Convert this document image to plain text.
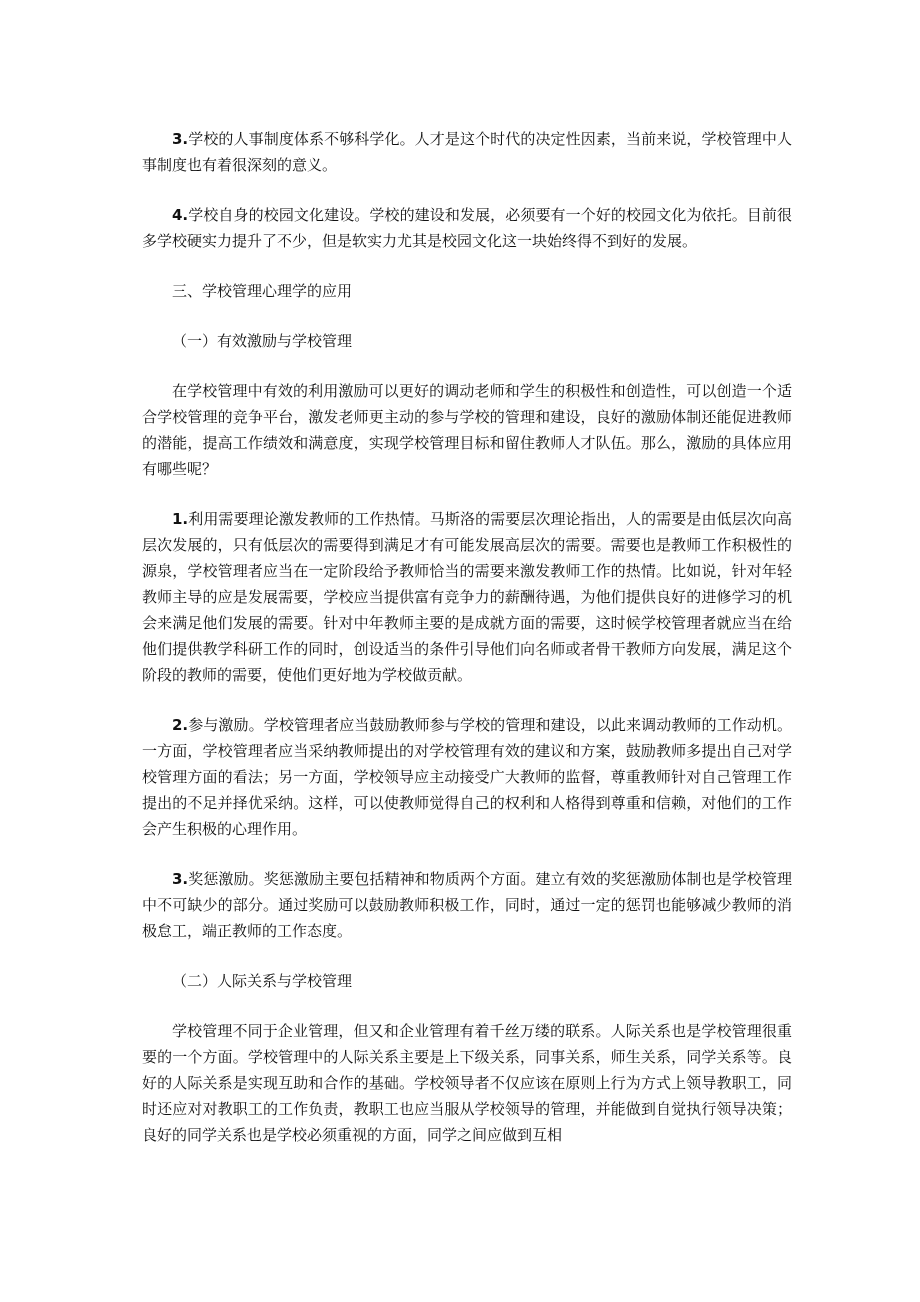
3.学校的人事制度体系不够科学化。人才是这个时代的决定性因素，当前来说，学校管理中人事制度也有着很深刻的意义。

4.学校自身的校园文化建设。学校的建设和发展，必须要有一个好的校园文化为依托。目前很多学校硬实力提升了不少，但是软实力尤其是校园文化这一块始终得不到好的发展。

三、学校管理心理学的应用

（一）有效激励与学校管理

在学校管理中有效的利用激励可以更好的调动老师和学生的积极性和创造性，可以创造一个适合学校管理的竞争平台，激发老师更主动的参与学校的管理和建设，良好的激励体制还能促进教师的潜能，提高工作绩效和满意度，实现学校管理目标和留住教师人才队伍。那么，激励的具体应用有哪些呢？

1.利用需要理论激发教师的工作热情。马斯洛的需要层次理论指出，人的需要是由低层次向高层次发展的，只有低层次的需要得到满足才有可能发展高层次的需要。需要也是教师工作积极性的源泉，学校管理者应当在一定阶段给予教师恰当的需要来激发教师工作的热情。比如说，针对年轻教师主导的应是发展需要，学校应当提供富有竞争力的薪酬待遇，为他们提供良好的进修学习的机会来满足他们发展的需要。针对中年教师主要的是成就方面的需要，这时候学校管理者就应当在给他们提供教学科研工作的同时，创设适当的条件引导他们向名师或者骨干教师方向发展，满足这个阶段的教师的需要，使他们更好地为学校做贡献。

2.参与激励。学校管理者应当鼓励教师参与学校的管理和建设，以此来调动教师的工作动机。一方面，学校管理者应当采纳教师提出的对学校管理有效的建议和方案，鼓励教师多提出自己对学校管理方面的看法；另一方面，学校领导应主动接受广大教师的监督，尊重教师针对自己管理工作提出的不足并择优采纳。这样，可以使教师觉得自己的权利和人格得到尊重和信赖，对他们的工作会产生积极的心理作用。

3.奖惩激励。奖惩激励主要包括精神和物质两个方面。建立有效的奖惩激励体制也是学校管理中不可缺少的部分。通过奖励可以鼓励教师积极工作，同时，通过一定的惩罚也能够减少教师的消极怠工，端正教师的工作态度。

（二）人际关系与学校管理

学校管理不同于企业管理，但又和企业管理有着千丝万缕的联系。人际关系也是学校管理很重要的一个方面。学校管理中的人际关系主要是上下级关系，同事关系，师生关系，同学关系等。良好的人际关系是实现互助和合作的基础。学校领导者不仅应该在原则上行为方式上领导教职工，同时还应对对教职工的工作负责，教职工也应当服从学校领导的管理，并能做到自觉执行领导决策；良好的同学关系也是学校必须重视的方面，同学之间应做到互相
